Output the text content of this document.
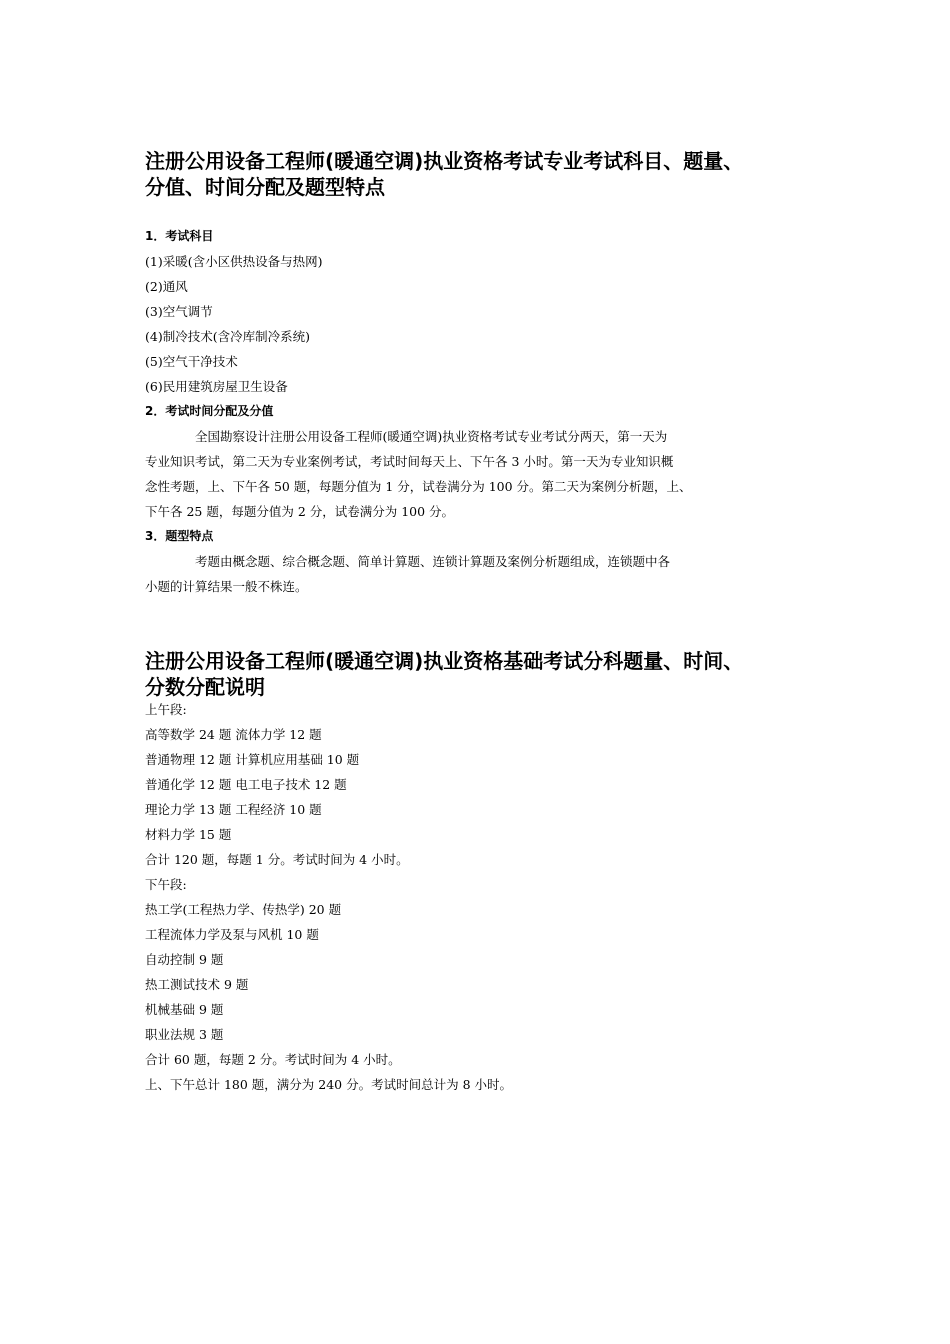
注册公用设备工程师(暖通空调)执业资格考试专业考试科目、题量、
分值、时间分配及题型特点
1．考试科目
(1)采暖(含小区供热设备与热网)
(2)通风
(3)空气调节
(4)制冷技术(含冷库制冷系统)
(5)空气干净技术
(6)民用建筑房屋卫生设备
2．考试时间分配及分值
全国勘察设计注册公用设备工程师(暖通空调)执业资格考试专业考试分两天，第一天为
专业知识考试，第二天为专业案例考试，考试时间每天上、下午各 3 小时。第一天为专业知识概
念性考题，上、下午各 50 题，每题分值为 1 分，试卷满分为 100 分。第二天为案例分析题，上、
下午各 25 题，每题分值为 2 分，试卷满分为 100 分。
3．题型特点
考题由概念题、综合概念题、简单计算题、连锁计算题及案例分析题组成，连锁题中各
小题的计算结果一般不株连。
注册公用设备工程师(暖通空调)执业资格基础考试分科题量、时间、
分数分配说明
上午段:
高等数学 24 题 流体力学 12 题
普通物理 12 题 计算机应用基础 10 题
普通化学 12 题 电工电子技术 12 题
理论力学 13 题 工程经济 10 题
材料力学 15 题
合计 120 题，每题 1 分。考试时间为 4 小时。
下午段:
热工学(工程热力学、传热学) 20 题
工程流体力学及泵与风机 10 题
自动控制 9 题
热工测试技术 9 题
机械基础 9 题
职业法规 3 题
合计 60 题，每题 2 分。考试时间为 4 小时。
上、下午总计 180 题，满分为 240 分。考试时间总计为 8 小时。
